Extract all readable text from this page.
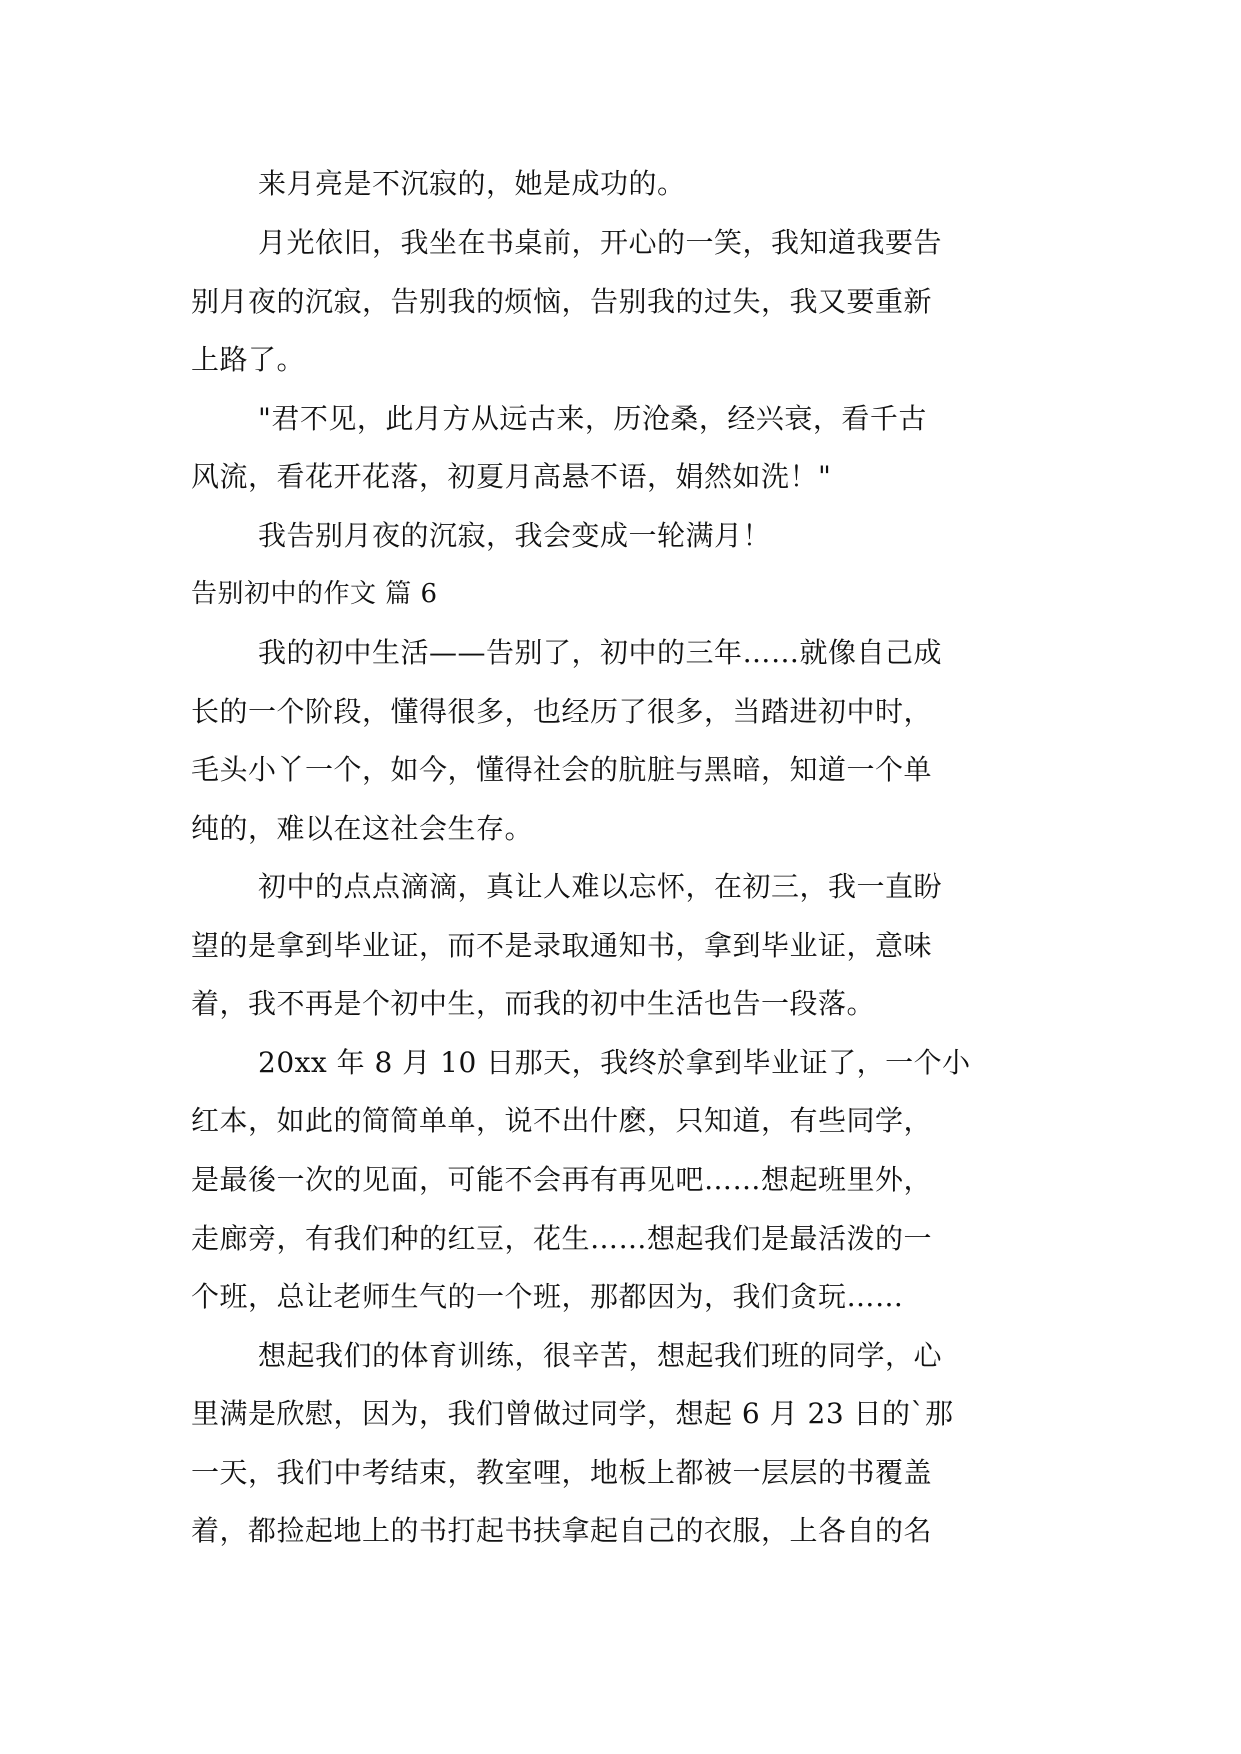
来月亮是不沉寂的，她是成功的。
月光依旧，我坐在书桌前，开心的一笑，我知道我要告
别月夜的沉寂，告别我的烦恼，告别我的过失，我又要重新
上路了。
"君不见，此月方从远古来，历沧桑，经兴衰，看千古
风流，看花开花落，初夏月高悬不语，娟然如洗！"
我告别月夜的沉寂，我会变成一轮满月！
告别初中的作文 篇 6
我的初中生活——告别了，初中的三年……就像自己成
长的一个阶段，懂得很多，也经历了很多，当踏进初中时，
毛头小丫一个，如今，懂得社会的肮脏与黑暗，知道一个单
纯的，难以在这社会生存。
初中的点点滴滴，真让人难以忘怀，在初三，我一直盼
望的是拿到毕业证，而不是录取通知书，拿到毕业证，意味
着，我不再是个初中生，而我的初中生活也告一段落。
20xx 年 8 月 10 日那天，我终於拿到毕业证了，一个小
红本，如此的简简单单，说不出什麽，只知道，有些同学，
是最後一次的见面，可能不会再有再见吧……想起班里外，
走廊旁，有我们种的红豆，花生……想起我们是最活泼的一
个班，总让老师生气的一个班，那都因为，我们贪玩……
想起我们的体育训练，很辛苦，想起我们班的同学，心
里满是欣慰，因为，我们曾做过同学，想起 6 月 23 日的`那
一天，我们中考结束，教室哩，地板上都被一层层的书覆盖
着，都捡起地上的书打起书扶拿起自己的衣服，上各自的名
